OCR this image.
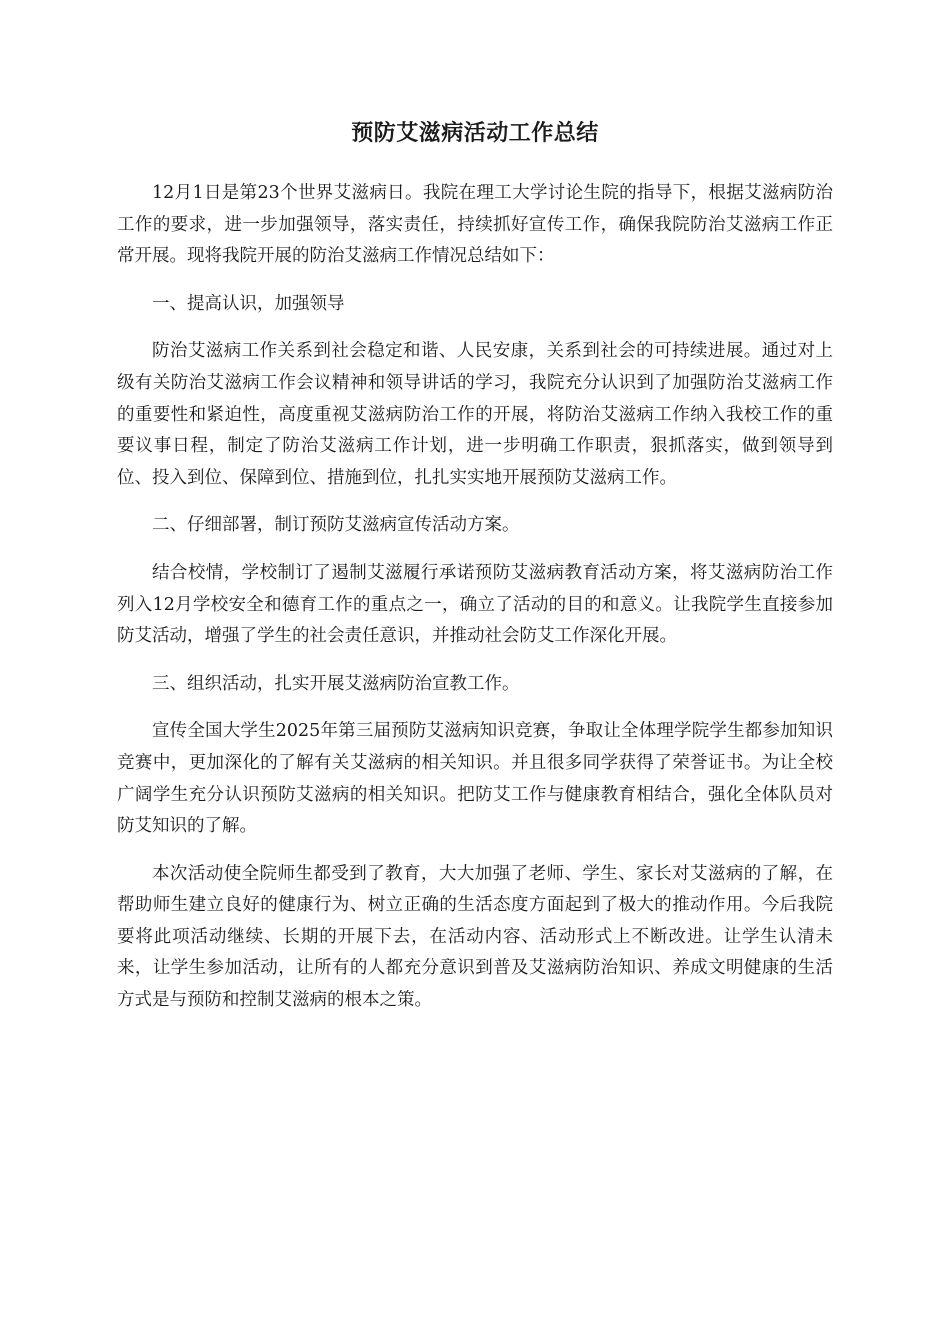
预防艾滋病活动工作总结

12月1日是第23个世界艾滋病日。我院在理工大学讨论生院的指导下，根据艾滋病防治工作的要求，进一步加强领导，落实责任，持续抓好宣传工作，确保我院防治艾滋病工作正常开展。现将我院开展的防治艾滋病工作情况总结如下：

一、提高认识，加强领导

防治艾滋病工作关系到社会稳定和谐、人民安康，关系到社会的可持续进展。通过对上级有关防治艾滋病工作会议精神和领导讲话的学习，我院充分认识到了加强防治艾滋病工作的重要性和紧迫性，高度重视艾滋病防治工作的开展，将防治艾滋病工作纳入我校工作的重要议事日程，制定了防治艾滋病工作计划，进一步明确工作职责，狠抓落实，做到领导到位、投入到位、保障到位、措施到位，扎扎实实地开展预防艾滋病工作。

二、仔细部署，制订预防艾滋病宣传活动方案。

结合校情，学校制订了遏制艾滋履行承诺预防艾滋病教育活动方案，将艾滋病防治工作列入12月学校安全和德育工作的重点之一，确立了活动的目的和意义。让我院学生直接参加防艾活动，增强了学生的社会责任意识，并推动社会防艾工作深化开展。

三、组织活动，扎实开展艾滋病防治宣教工作。

宣传全国大学生2025年第三届预防艾滋病知识竞赛，争取让全体理学院学生都参加知识竞赛中，更加深化的了解有关艾滋病的相关知识。并且很多同学获得了荣誉证书。为让全校广阔学生充分认识预防艾滋病的相关知识。把防艾工作与健康教育相结合，强化全体队员对防艾知识的了解。

本次活动使全院师生都受到了教育，大大加强了老师、学生、家长对艾滋病的了解，在帮助师生建立良好的健康行为、树立正确的生活态度方面起到了极大的推动作用。今后我院要将此项活动继续、长期的开展下去，在活动内容、活动形式上不断改进。让学生认清未来，让学生参加活动，让所有的人都充分意识到普及艾滋病防治知识、养成文明健康的生活方式是与预防和控制艾滋病的根本之策。
